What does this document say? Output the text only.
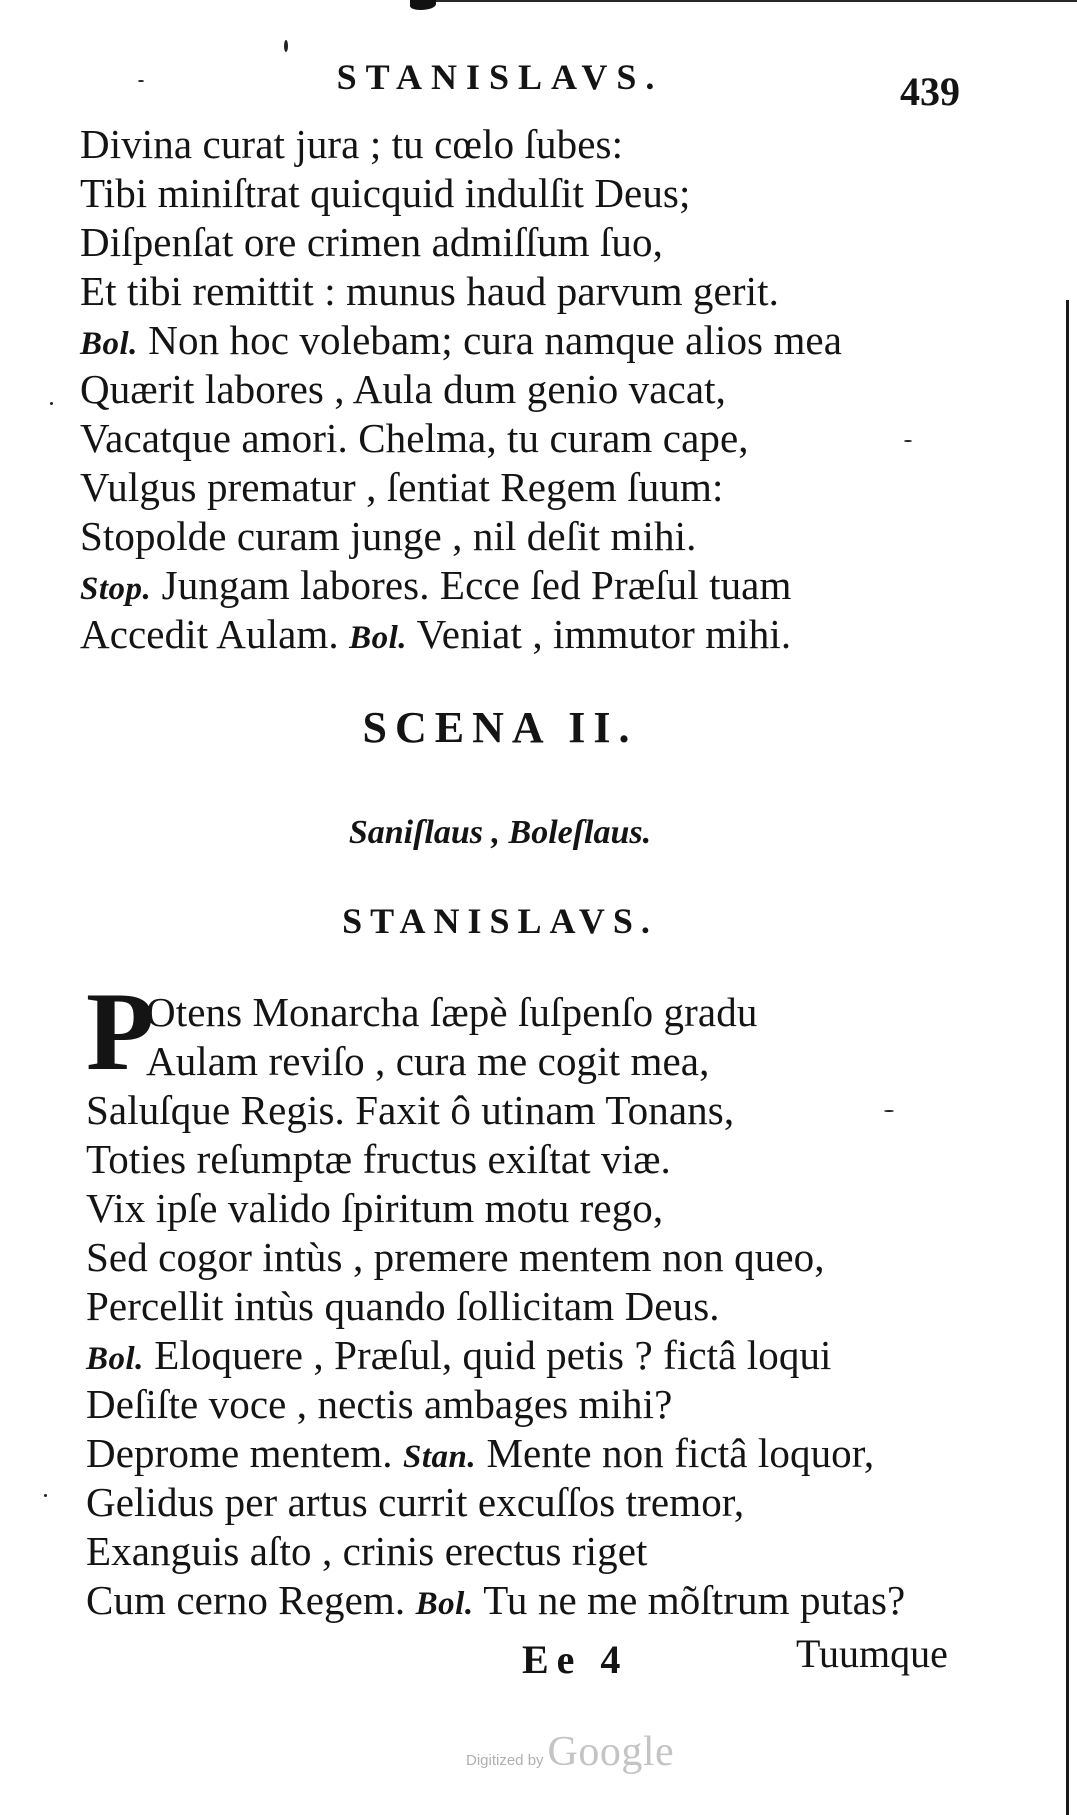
STANISLAVS.	439
Divina curat jura ; tu cœlo ſubes:
Tibi miniſtrat quicquid indulſit Deus;
Diſpenſat ore crimen admiſſum ſuo,
Et tibi remittit : munus haud parvum gerit.
Bol. Non hoc volebam; cura namque alios mea
Quærit labores , Aula dum genio vacat,
Vacatque amori. Chelma, tu curam cape,
Vulgus prematur , ſentiat Regem ſuum:
Stopolde curam junge , nil deſit mihi.
Stop. Jungam labores. Ecce ſed Præſul tuam
Accedit Aulam. Bol. Veniat , immutor mihi.
SCENA II.
Saniſlaus , Boleſlaus.
STANISLAVS.
P
Otens Monarcha ſæpè ſuſpenſo gradu
Aulam reviſo , cura me cogit mea,
Saluſque Regis. Faxit ô utinam Tonans,
Toties reſumptæ fructus exiſtat viæ.
Vix ipſe valido ſpiritum motu rego,
Sed cogor intùs , premere mentem non queo,
Percellit intùs quando ſollicitam Deus.
Bol. Eloquere , Præſul, quid petis ? fictâ loqui
Deſiſte voce , nectis ambages mihi?
Deprome mentem. Stan. Mente non fictâ loquor,
Gelidus per artus currit excuſſos tremor,
Exanguis aſto , crinis erectus riget
Cum cerno Regem. Bol. Tu ne me mõſtrum putas?
Ee 4	Tuumque
Digitized by Google
